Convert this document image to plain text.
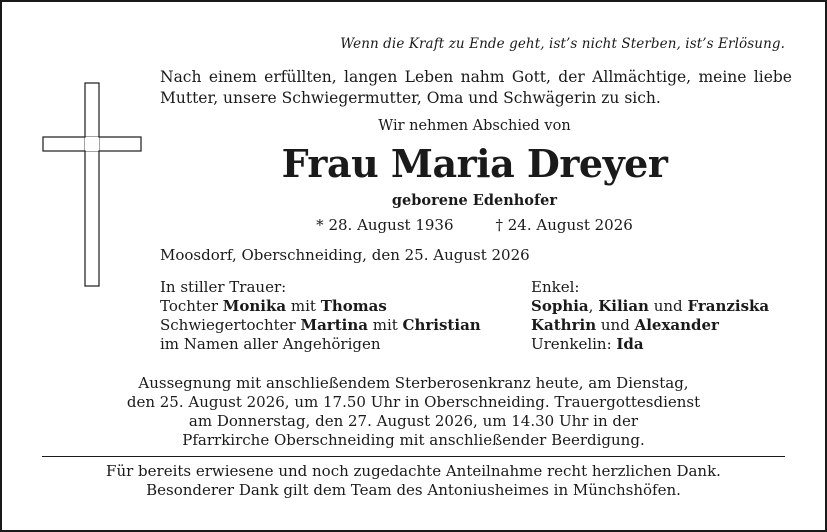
Wenn die Kraft zu Ende geht, ist’s nicht Sterben, ist’s Erlösung.
Nach einem erfüllten, langen Leben nahm Gott, der Allmächtige, meine liebe Mutter, unsere Schwiegermutter, Oma und Schwägerin zu sich.
Wir nehmen Abschied von
Frau Maria Dreyer
geborene Edenhofer
* 28. August 1936	† 24. August 2026
Moosdorf, Oberschneiding, den 25. August 2026
In stiller Trauer:
Tochter Monika mit Thomas
Schwiegertochter Martina mit Christian
im Namen aller Angehörigen
Enkel:
Sophia, Kilian und Franziska
Kathrin und Alexander
Urenkelin: Ida
Aussegnung mit anschließendem Sterberosenkranz heute, am Dienstag,
den 25. August 2026, um 17.50 Uhr in Oberschneiding. Trauergottesdienst
am Donnerstag, den 27. August 2026, um 14.30 Uhr in der
Pfarrkirche Oberschneiding mit anschließender Beerdigung.
Für bereits erwiesene und noch zugedachte Anteilnahme recht herzlichen Dank.
Besonderer Dank gilt dem Team des Antoniusheimes in Münchshöfen.
